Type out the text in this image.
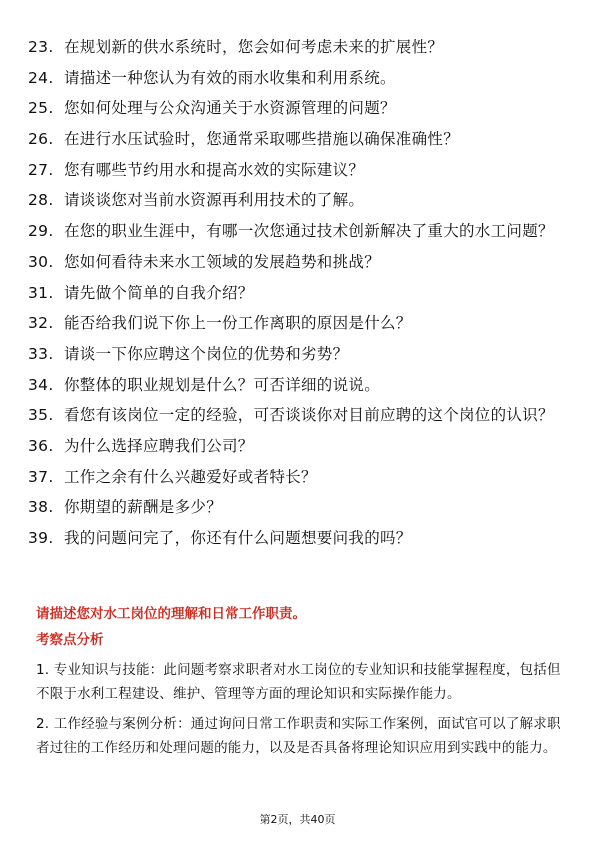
23. 在规划新的供水系统时，您会如何考虑未来的扩展性？
24. 请描述一种您认为有效的雨水收集和利用系统。
25. 您如何处理与公众沟通关于水资源管理的问题？
26. 在进行水压试验时，您通常采取哪些措施以确保准确性？
27. 您有哪些节约用水和提高水效的实际建议？
28. 请谈谈您对当前水资源再利用技术的了解。
29. 在您的职业生涯中，有哪一次您通过技术创新解决了重大的水工问题？
30. 您如何看待未来水工领域的发展趋势和挑战？
31. 请先做个简单的自我介绍？
32. 能否给我们说下你上一份工作离职的原因是什么？
33. 请谈一下你应聘这个岗位的优势和劣势？
34. 你整体的职业规划是什么？可否详细的说说。
35. 看您有该岗位一定的经验，可否谈谈你对目前应聘的这个岗位的认识？
36. 为什么选择应聘我们公司？
37. 工作之余有什么兴趣爱好或者特长？
38. 你期望的薪酬是多少？
39. 我的问题问完了，你还有什么问题想要问我的吗？
请描述您对水工岗位的理解和日常工作职责。
考察点分析

1. 专业知识与技能：此问题考察求职者对水工岗位的专业知识和技能掌握程度，包括但不限于水利工程建设、维护、管理等方面的理论知识和实际操作能力。

2. 工作经验与案例分析：通过询问日常工作职责和实际工作案例，面试官可以了解求职者过往的工作经历和处理问题的能力，以及是否具备将理论知识应用到实践中的能力。

第2页，共40页
